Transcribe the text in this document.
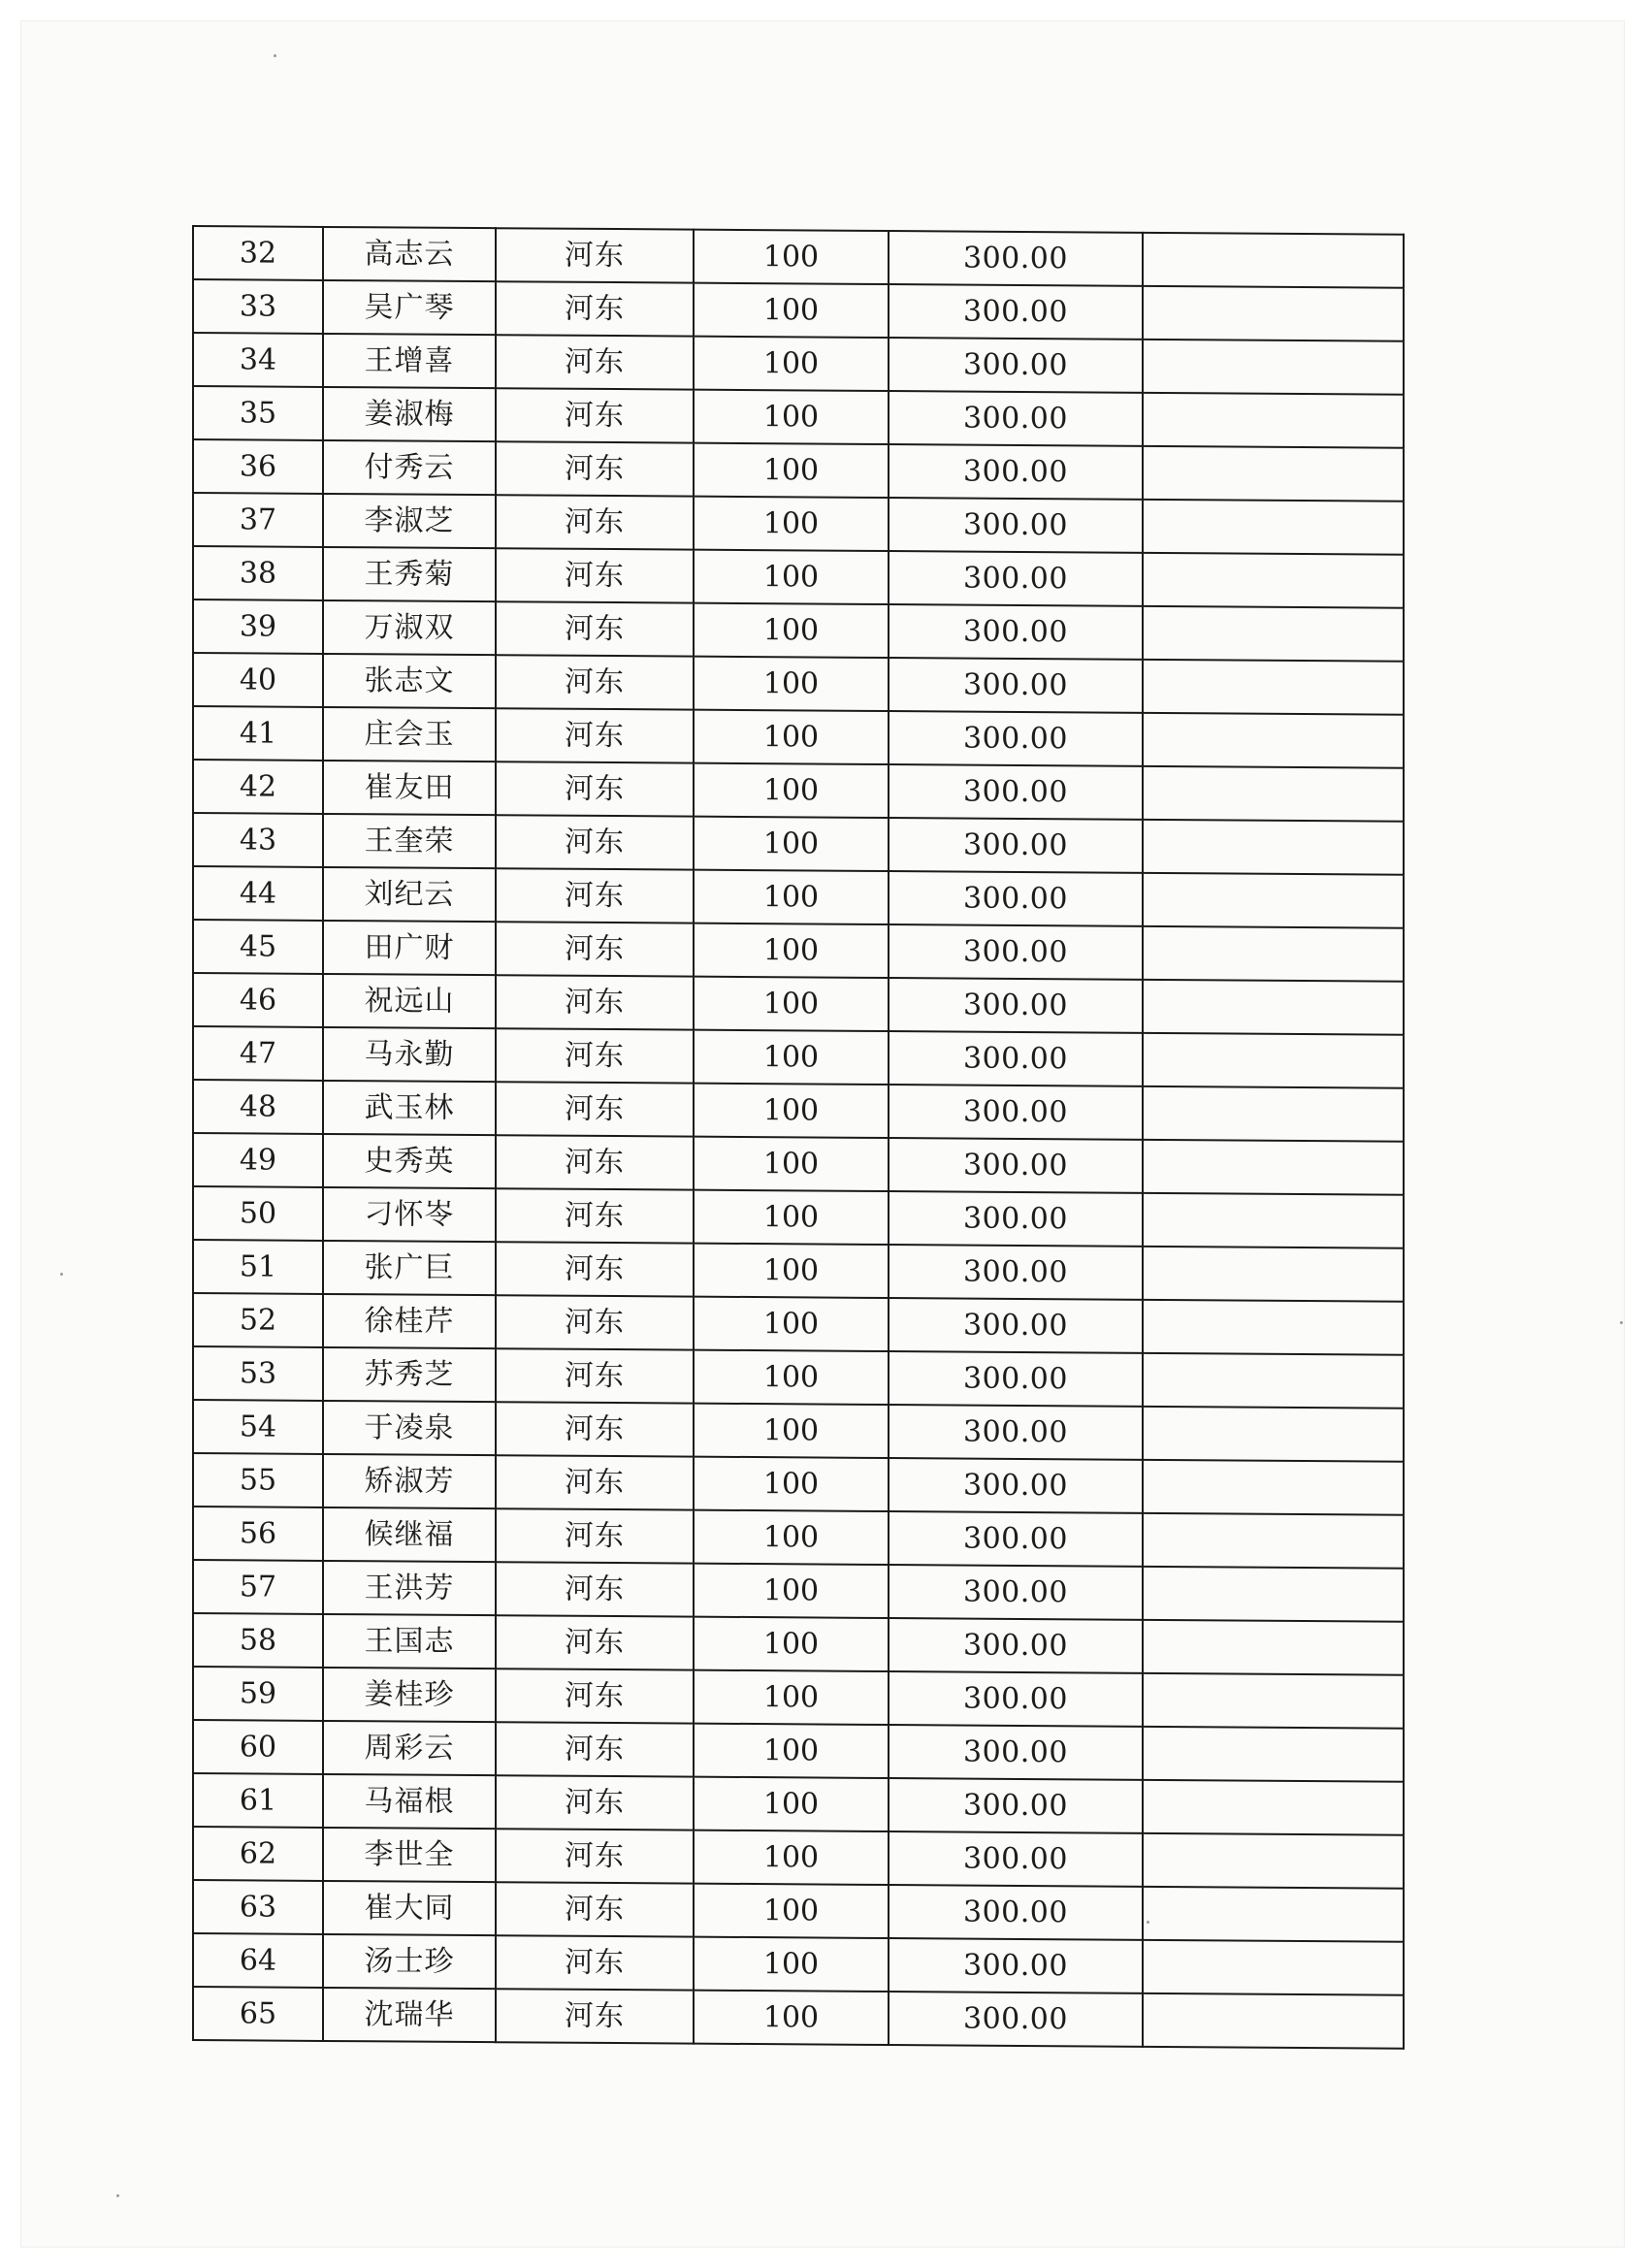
32	高志云	河东	100	300.00	
33	吴广琴	河东	100	300.00	
34	王增喜	河东	100	300.00	
35	姜淑梅	河东	100	300.00	
36	付秀云	河东	100	300.00	
37	李淑芝	河东	100	300.00	
38	王秀菊	河东	100	300.00	
39	万淑双	河东	100	300.00	
40	张志文	河东	100	300.00	
41	庄会玉	河东	100	300.00	
42	崔友田	河东	100	300.00	
43	王奎荣	河东	100	300.00	
44	刘纪云	河东	100	300.00	
45	田广财	河东	100	300.00	
46	祝远山	河东	100	300.00	
47	马永勤	河东	100	300.00	
48	武玉林	河东	100	300.00	
49	史秀英	河东	100	300.00	
50	刁怀岺	河东	100	300.00	
51	张广巨	河东	100	300.00	
52	徐桂芹	河东	100	300.00	
53	苏秀芝	河东	100	300.00	
54	于凌泉	河东	100	300.00	
55	矫淑芳	河东	100	300.00	
56	候继福	河东	100	300.00	
57	王洪芳	河东	100	300.00	
58	王国志	河东	100	300.00	
59	姜桂珍	河东	100	300.00	
60	周彩云	河东	100	300.00	
61	马福根	河东	100	300.00	
62	李世全	河东	100	300.00	
63	崔大同	河东	100	300.00	
64	汤士珍	河东	100	300.00	
65	沈瑞华	河东	100	300.00	
